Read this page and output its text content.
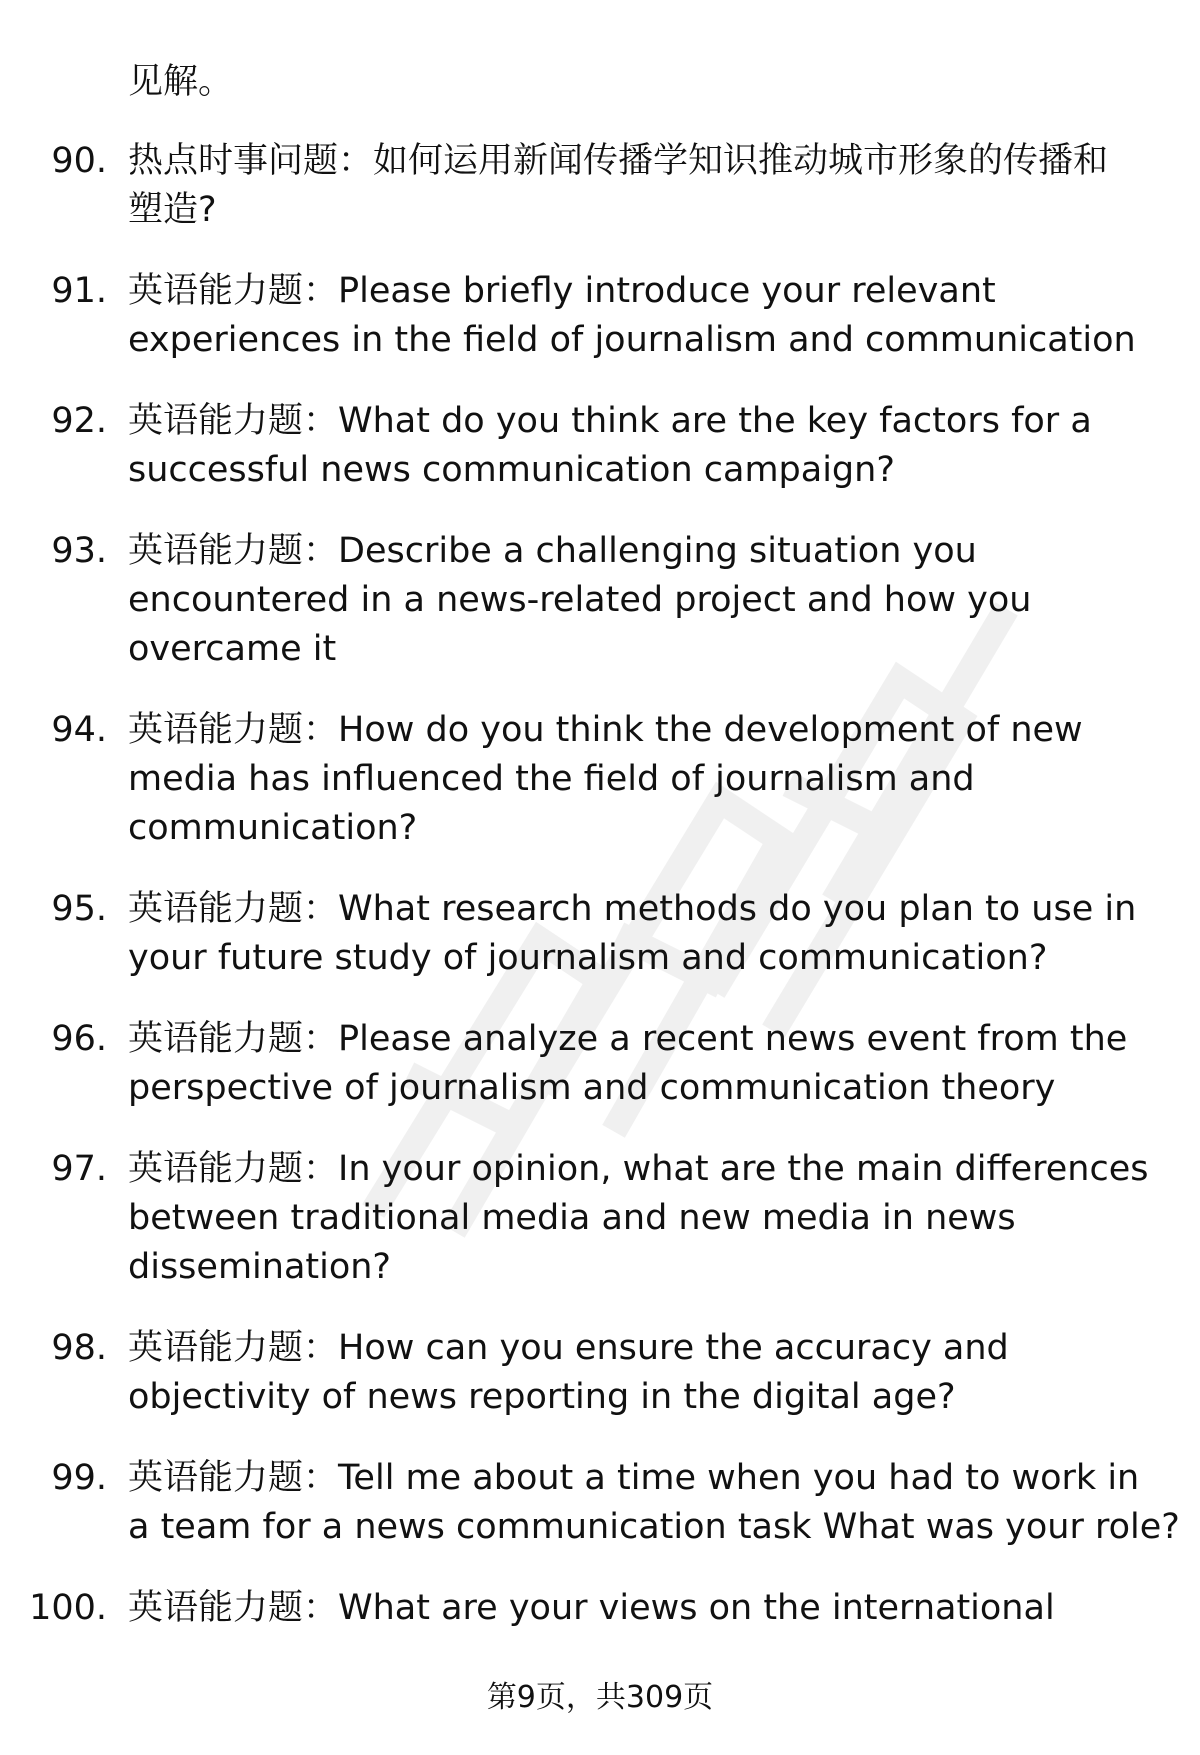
见解。
90. 热点时事问题：如何运用新闻传播学知识推动城市形象的传播和
塑造?
91. 英语能力题：Please briefly introduce your relevant
experiences in the field of journalism and communication
92. 英语能力题：What do you think are the key factors for a
successful news communication campaign?
93. 英语能力题：Describe a challenging situation you
encountered in a news-related project and how you
overcame it
94. 英语能力题：How do you think the development of new
media has influenced the field of journalism and
communication?
95. 英语能力题：What research methods do you plan to use in
your future study of journalism and communication?
96. 英语能力题：Please analyze a recent news event from the
perspective of journalism and communication theory
97. 英语能力题：In your opinion, what are the main differences
between traditional media and new media in news
dissemination?
98. 英语能力题：How can you ensure the accuracy and
objectivity of news reporting in the digital age?
99. 英语能力题：Tell me about a time when you had to work in
a team for a news communication task What was your role?
100. 英语能力题：What are your views on the international
第9页，共309页
